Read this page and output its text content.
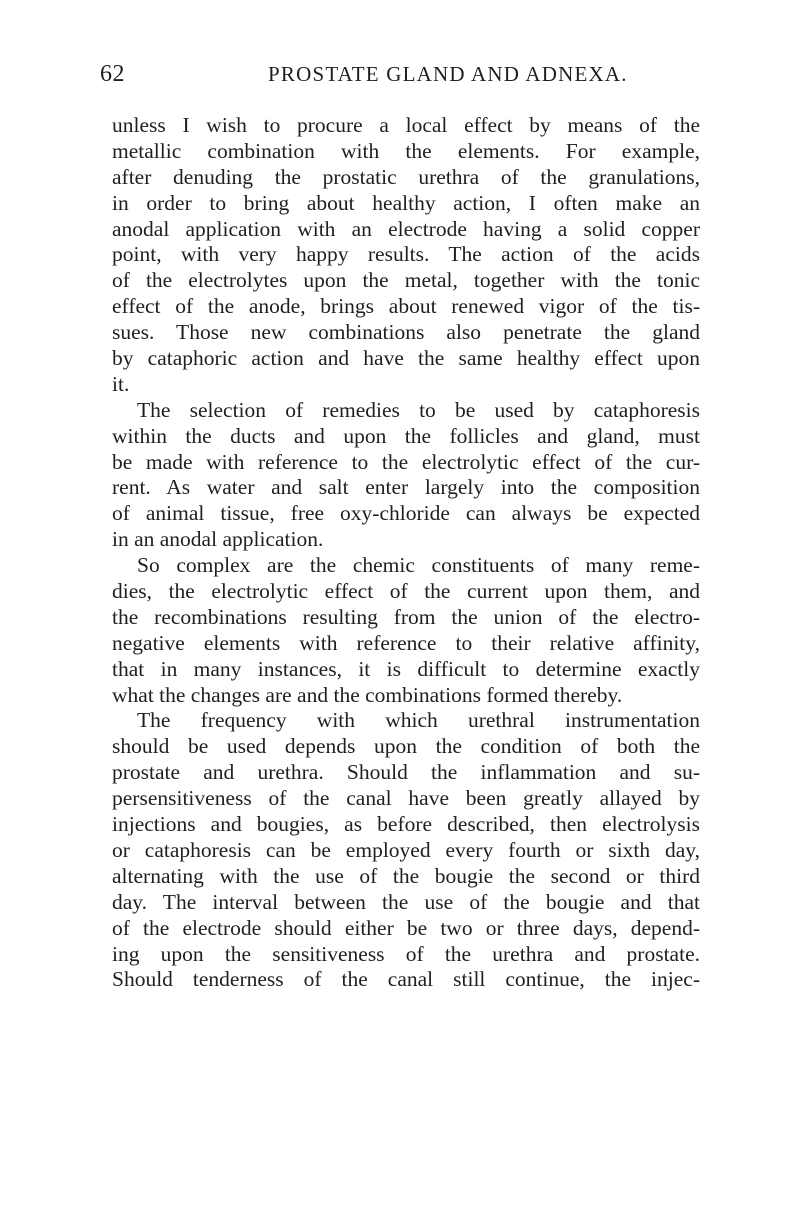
62	PROSTATE GLAND AND ADNEXA.
unless I wish to procure a local effect by means of the
metallic combination with the elements. For example,
after denuding the prostatic urethra of the granulations,
in order to bring about healthy action, I often make an
anodal application with an electrode having a solid copper
point, with very happy results. The action of the acids
of the electrolytes upon the metal, together with the tonic
effect of the anode, brings about renewed vigor of the tis-
sues. Those new combinations also penetrate the gland
by cataphoric action and have the same healthy effect upon
it.
The selection of remedies to be used by cataphoresis
within the ducts and upon the follicles and gland, must
be made with reference to the electrolytic effect of the cur-
rent. As water and salt enter largely into the composition
of animal tissue, free oxy-chloride can always be expected
in an anodal application.
So complex are the chemic constituents of many reme-
dies, the electrolytic effect of the current upon them, and
the recombinations resulting from the union of the electro-
negative elements with reference to their relative affinity,
that in many instances, it is difficult to determine exactly
what the changes are and the combinations formed thereby.
The frequency with which urethral instrumentation
should be used depends upon the condition of both the
prostate and urethra. Should the inflammation and su-
persensitiveness of the canal have been greatly allayed by
injections and bougies, as before described, then electrolysis
or cataphoresis can be employed every fourth or sixth day,
alternating with the use of the bougie the second or third
day. The interval between the use of the bougie and that
of the electrode should either be two or three days, depend-
ing upon the sensitiveness of the urethra and prostate.
Should tenderness of the canal still continue, the injec-
